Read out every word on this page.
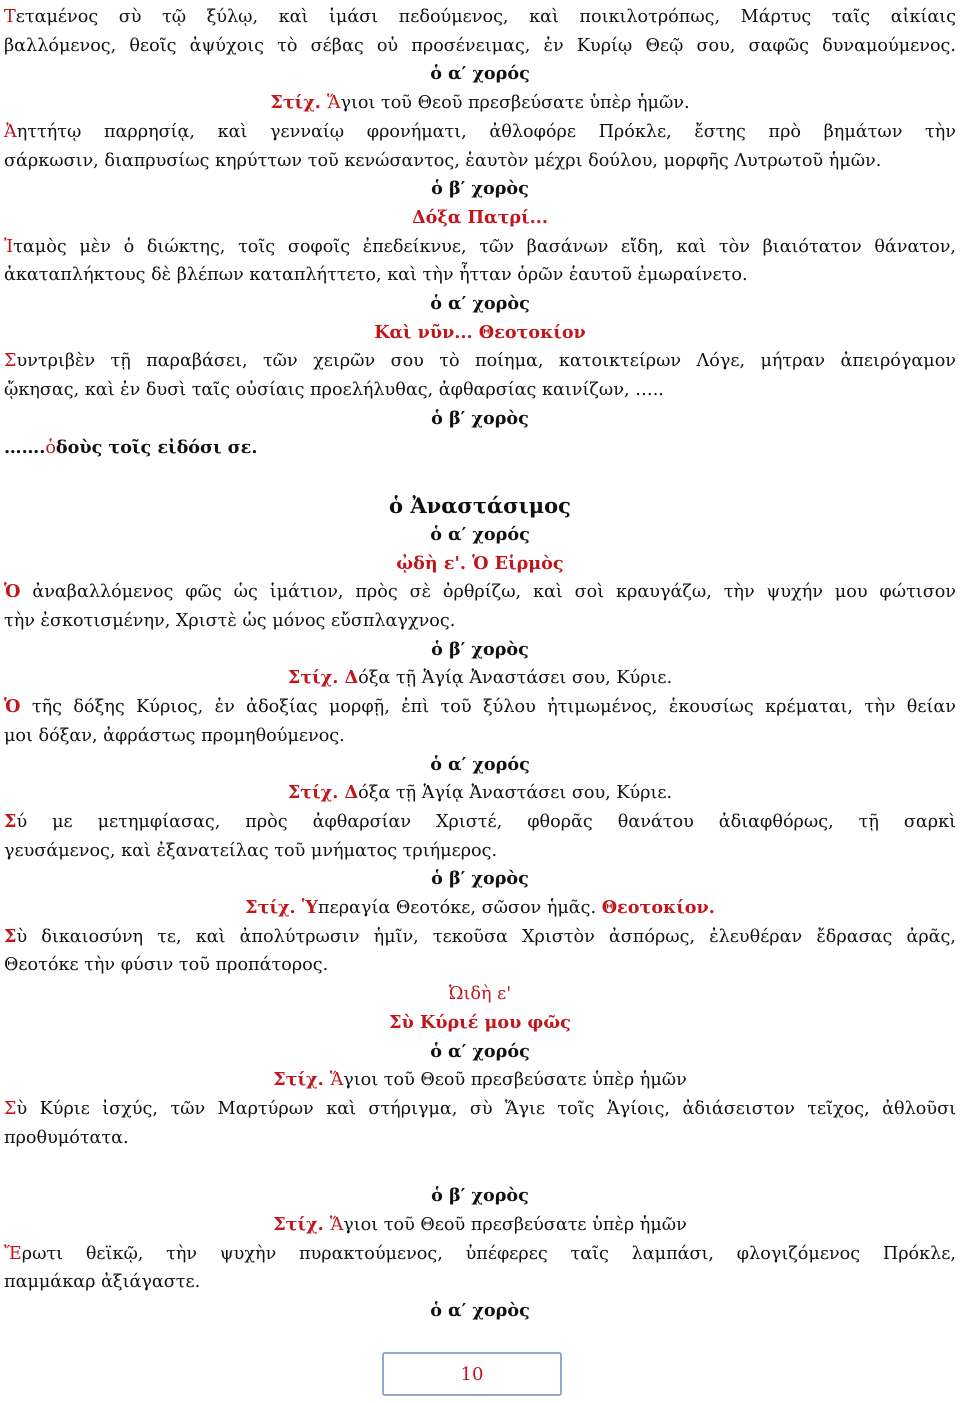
Τεταμένος σὺ τῷ ξύλῳ, καὶ ἱμάσι πεδούμενος, καὶ ποικιλοτρόπως, Μάρτυς ταῖς αἰκίαις
βαλλόμενος, θεοῖς ἀψύχοις τὸ σέβας οὐ προσένειμας, ἐν Κυρίῳ Θεῷ σου, σαφῶς δυναμούμενος.
ὁ α′ χορός
Στίχ. Ἅγιοι τοῦ Θεοῦ πρεσβεύσατε ὑπὲρ ἡμῶν.
Ἀηττήτῳ παρρησίᾳ, καὶ γενναίῳ φρονήματι, ἀθλοφόρε Πρόκλε, ἔστης πρὸ βημάτων τὴν
σάρκωσιν, διαπρυσίως κηρύττων τοῦ κενώσαντος, ἑαυτὸν μέχρι δούλου, μορφῆς Λυτρωτοῦ ἡμῶν.
ὁ β′ χορὸς
Δόξα Πατρί...
Ἰταμὸς μὲν ὁ διώκτης, τοῖς σοφοῖς ἐπεδείκνυε, τῶν βασάνων εἴδη, καὶ τὸν βιαιότατον θάνατον,
ἀκαταπλήκτους δὲ βλέπων καταπλήττετο, καὶ τὴν ἧτταν ὁρῶν ἑαυτοῦ ἐμωραίνετο.
ὁ α′ χορὸς
Καὶ νῦν... Θεοτοκίον
Συντριβὲν τῇ παραβάσει, τῶν χειρῶν σου τὸ ποίημα, κατοικτείρων Λόγε, μήτραν ἀπειρόγαμον
ᾤκησας, καὶ ἐν δυσὶ ταῖς οὐσίαις προελήλυθας, ἀφθαρσίας καινίζων, …..
ὁ β′ χορὸς
…….ὁδοὺς τοῖς εἰδόσι σε.
ὁ Ἀναστάσιμος
ὁ α′ χορός
ᾠδὴ ε'. Ὁ Εἱρμὸς
Ὁ ἀναβαλλόμενος φῶς ὡς ἱμάτιον, πρὸς σὲ ὀρθρίζω, καὶ σοὶ κραυγάζω, τὴν ψυχήν μου φώτισον
τὴν ἐσκοτισμένην, Χριστὲ ὡς μόνος εὔσπλαγχνος.
ὁ β′ χορὸς
Στίχ. Δόξα τῇ Ἁγίᾳ Ἀναστάσει σου, Κύριε.
Ὁ τῆς δόξης Κύριος, ἐν ἀδοξίας μορφῇ, ἐπὶ τοῦ ξύλου ἠτιμωμένος, ἑκουσίως κρέμαται, τὴν θείαν
μοι δόξαν, ἀφράστως προμηθούμενος.
ὁ α′ χορός
Στίχ. Δόξα τῇ Ἁγίᾳ Ἀναστάσει σου, Κύριε.
Σύ με μετημφίασας, πρὸς ἀφθαρσίαν Χριστέ, φθορᾶς θανάτου ἀδιαφθόρως, τῇ σαρκὶ
γευσάμενος, καὶ ἐξανατείλας τοῦ μνήματος τριήμερος.
ὁ β′ χορὸς
Στίχ. Ὑπεραγία Θεοτόκε, σῶσον ἡμᾶς. Θεοτοκίον.
Σὺ δικαιοσύνη τε, καὶ ἀπολύτρωσιν ἡμῖν, τεκοῦσα Χριστὸν ἀσπόρως, ἐλευθέραν ἔδρασας ἀρᾶς,
Θεοτόκε τὴν φύσιν τοῦ προπάτορος.
Ὠιδὴ ε'
Σὺ Κύριέ μου φῶς
ὁ α′ χορός
Στίχ. Ἅγιοι τοῦ Θεοῦ πρεσβεύσατε ὑπὲρ ἡμῶν
Σὺ Κύριε ἰσχύς, τῶν Μαρτύρων καὶ στήριγμα, σὺ Ἅγιε τοῖς Ἁγίοις, ἀδιάσειστον τεῖχος, ἀθλοῦσι
προθυμότατα.
ὁ β′ χορὸς
Στίχ. Ἅγιοι τοῦ Θεοῦ πρεσβεύσατε ὑπὲρ ἡμῶν
Ἔρωτι θεϊκῷ, τὴν ψυχὴν πυρακτούμενος, ὑπέφερες ταῖς λαμπάσι, φλογιζόμενος Πρόκλε,
παμμάκαρ ἀξιάγαστε.
ὁ α′ χορὸς
10
